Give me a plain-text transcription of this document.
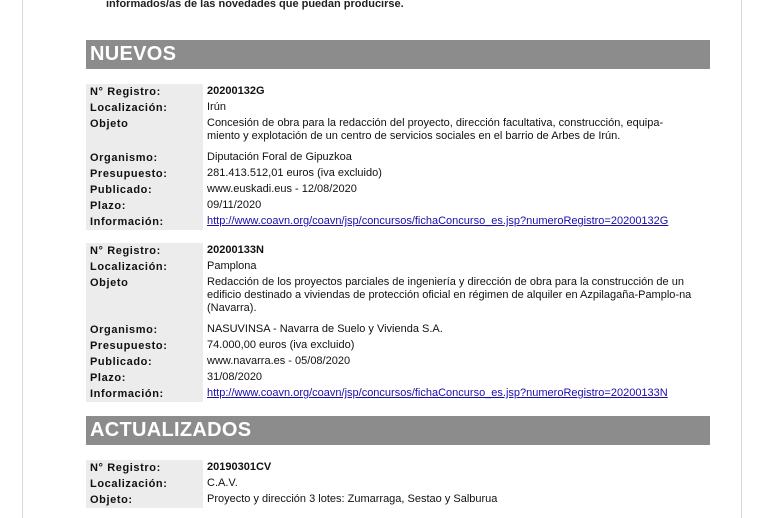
informados/as de las novedades que puedan producirse.
NUEVOS
N° Registro:	20200132G
Localización:	Irún
Objeto	Concesión de obra para la redacción del proyecto, dirección facultativa, construcción, equipa-miento y explotación de un centro de servicios sociales en el barrio de Arbes de Irún.
Organismo:	Diputación Foral de Gipuzkoa
Presupuesto:	281.413.512,01 euros (iva excluido)
Publicado:	www.euskadi.eus - 12/08/2020
Plazo:	09/11/2020
Información:	http://www.coavn.org/coavn/jsp/concursos/fichaConcurso_es.jsp?numeroRegistro=20200132G
N° Registro:	20200133N
Localización:	Pamplona
Objeto	Redacción de los proyectos parciales de ingeniería y dirección de obra para la construcción de un edificio destinado a viviendas de protección oficial en régimen de alquiler en Azpilagaña-Pamplo-na (Navarra).
Organismo:	NASUVINSA - Navarra de Suelo y Vivienda S.A.
Presupuesto:	74.000,00 euros (iva excluido)
Publicado:	www.navarra.es - 05/08/2020
Plazo:	31/08/2020
Información:	http://www.coavn.org/coavn/jsp/concursos/fichaConcurso_es.jsp?numeroRegistro=20200133N
ACTUALIZADOS
N° Registro:	20190301CV
Localización:	C.A.V.
Objeto:	Proyecto y dirección 3 lotes: Zumarraga, Sestao y Salburua
